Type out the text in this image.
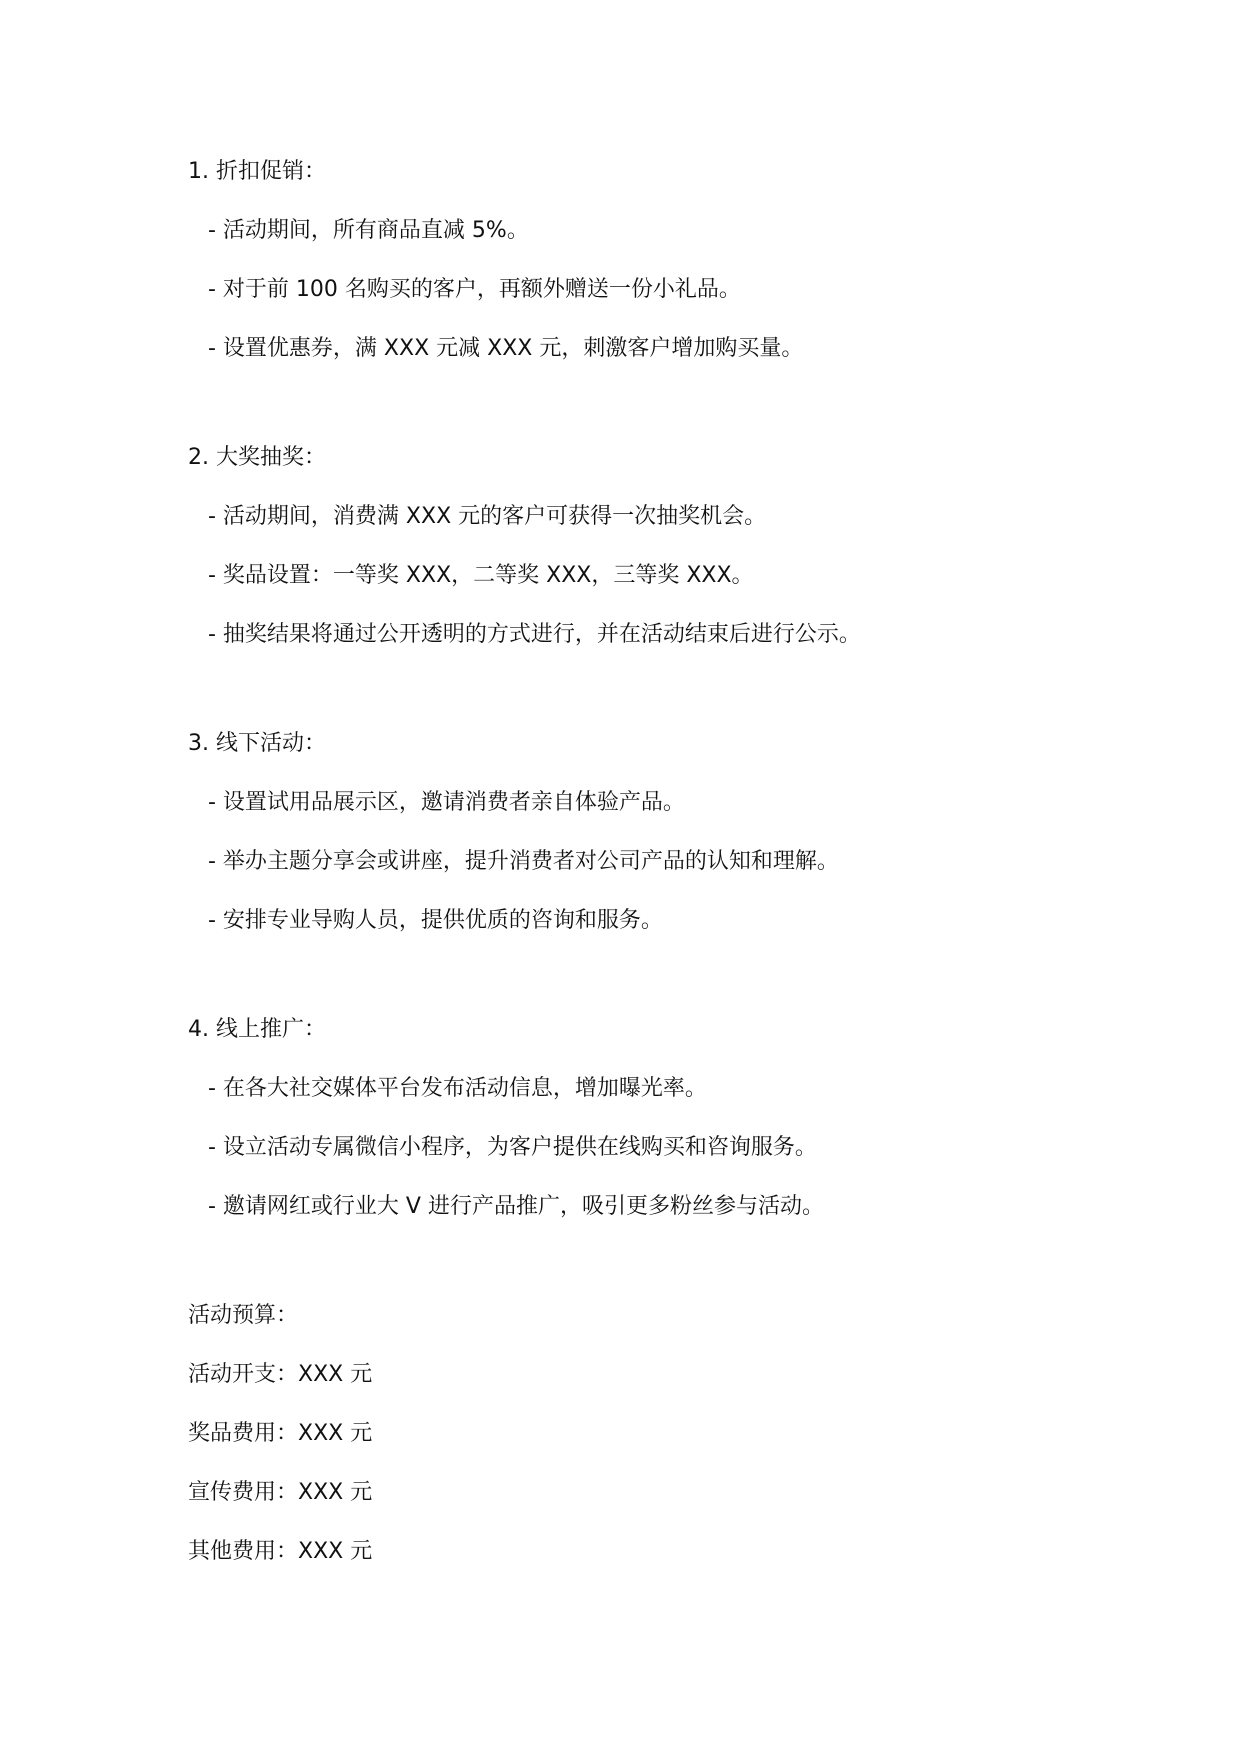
1. 折扣促销：
- 活动期间，所有商品直减 5%。
- 对于前 100 名购买的客户，再额外赠送一份小礼品。
- 设置优惠券，满 XXX 元减 XXX 元，刺激客户增加购买量。
2. 大奖抽奖：
- 活动期间，消费满 XXX 元的客户可获得一次抽奖机会。
- 奖品设置：一等奖 XXX，二等奖 XXX，三等奖 XXX。
- 抽奖结果将通过公开透明的方式进行，并在活动结束后进行公示。
3. 线下活动：
- 设置试用品展示区，邀请消费者亲自体验产品。
- 举办主题分享会或讲座，提升消费者对公司产品的认知和理解。
- 安排专业导购人员，提供优质的咨询和服务。
4. 线上推广：
- 在各大社交媒体平台发布活动信息，增加曝光率。
- 设立活动专属微信小程序，为客户提供在线购买和咨询服务。
- 邀请网红或行业大 V 进行产品推广，吸引更多粉丝参与活动。
活动预算：
活动开支：XXX 元
奖品费用：XXX 元
宣传费用：XXX 元
其他费用：XXX 元
